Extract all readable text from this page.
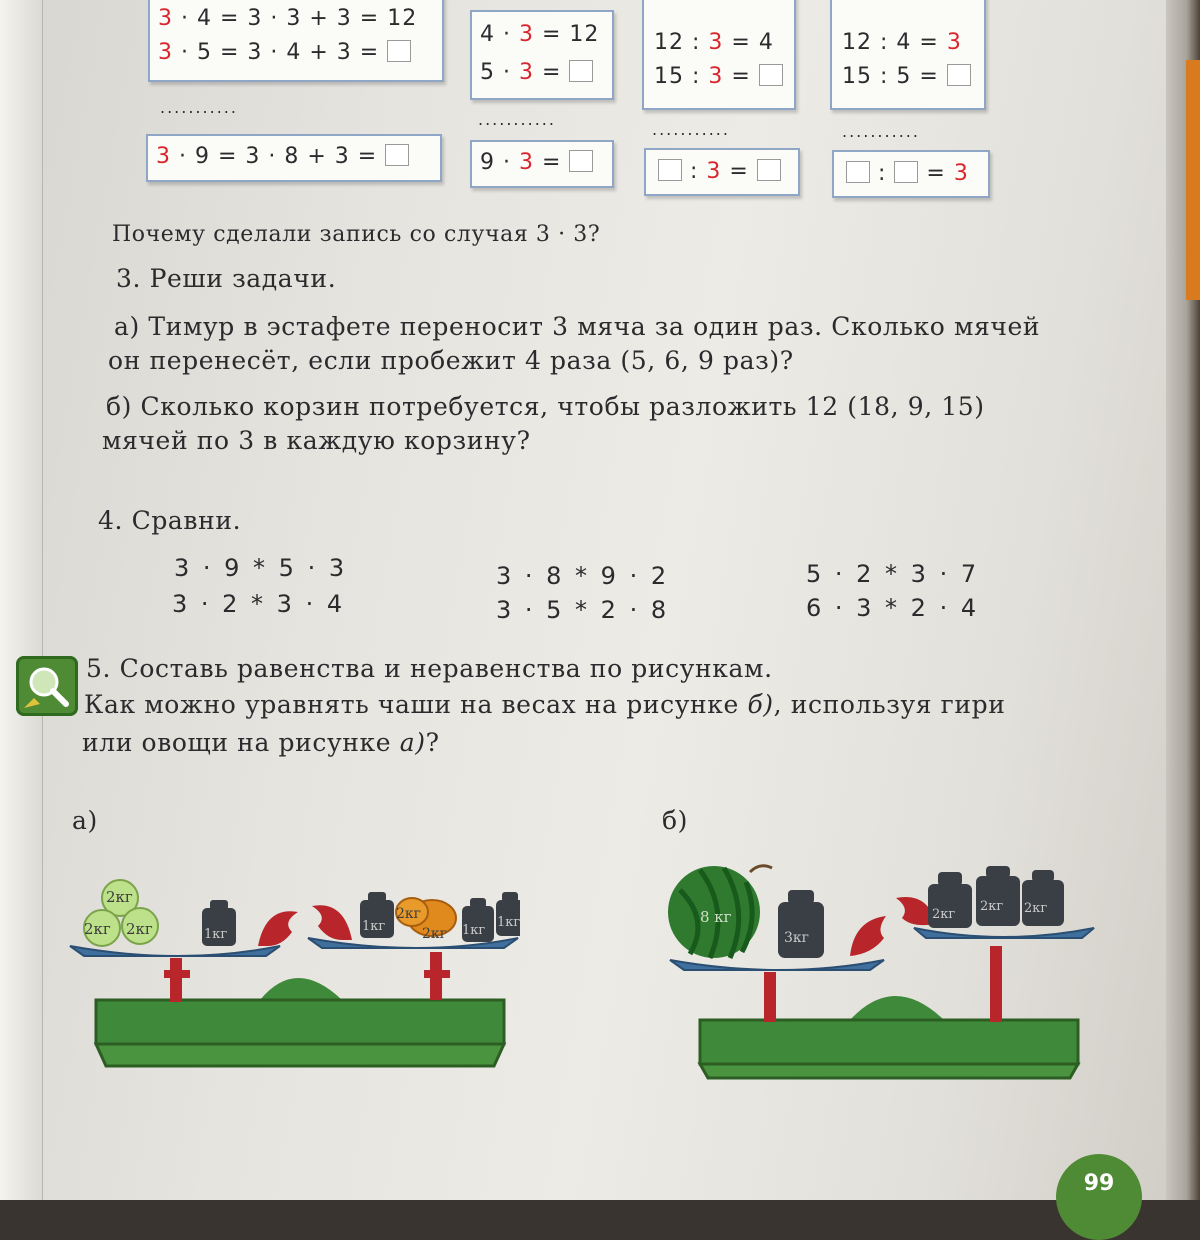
3 · 4 = 3 · 3 + 3 = 12
3 · 5 = 3 · 4 + 3 =
4 · 3 = 12
5 · 3 =
12 : 3 = 4
15 : 3 =
12 : 4 = 3
15 : 5 =
...........
...........
...........	...........
3 · 9 = 3 · 8 + 3 =	9 · 3 =	: 3 =	:  = 3
Почему сделали запись со случая 3 · 3?
3. Реши задачи.
а) Тимур в эстафете переносит 3 мяча за один раз. Сколько мячей
он перенесёт, если пробежит 4 раза (5, 6, 9 раз)?
б) Сколько корзин потребуется, чтобы разложить 12 (18, 9, 15)
мячей по 3 в каждую корзину?
4. Сравни.
3 · 9 * 5 · 3
3 · 2 * 3 · 4
3 · 8 * 9 · 2
3 · 5 * 2 · 8
5 · 2 * 3 · 7
6 · 3 * 2 · 4
5. Составь равенства и неравенства по рисункам.
Как можно уравнять чаши на весах на рисунке б), используя гири
или овощи на рисунке а)?
а)	б)
2кг
2кг 2кг	1кг
1кг
2кг
2кг 1кг
1кг	8 кг
3кг
2кг
2кг 2кг
99
